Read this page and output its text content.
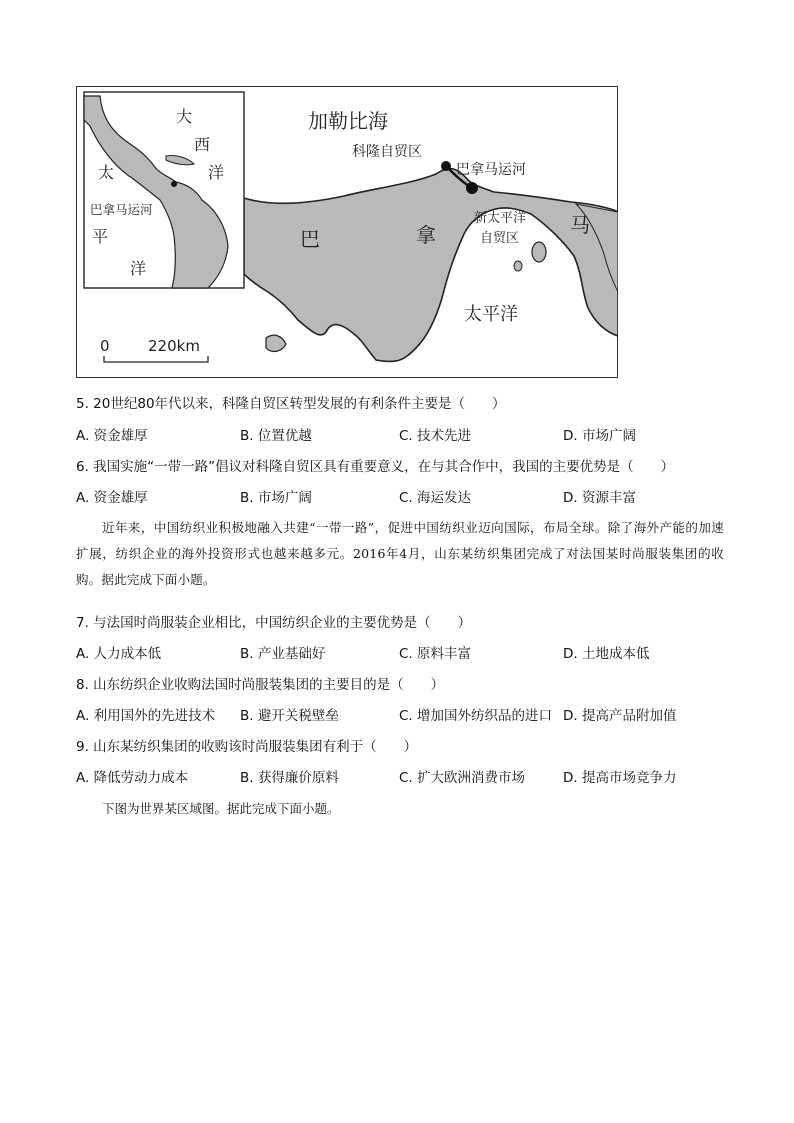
加勒比海
科隆自贸区
巴拿马运河
新太平洋
自贸区
巴	拿	马
太平洋
大
西
洋
太
平
洋
巴拿马运河
0	220km
5. 20世纪80年代以来，科隆自贸区转型发展的有利条件主要是（　　）
A. 资金雄厚	B. 位置优越	C. 技术先进	D. 市场广阔
6. 我国实施“一带一路”倡议对科隆自贸区具有重要意义，在与其合作中，我国的主要优势是（　　）
A. 资金雄厚	B. 市场广阔	C. 海运发达	D. 资源丰富
近年来，中国纺织业积极地融入共建“一带一路”，促进中国纺织业迈向国际，布局全球。除了海外产能的加速扩展，纺织企业的海外投资形式也越来越多元。2016年4月，山东某纺织集团完成了对法国某时尚服装集团的收购。据此完成下面小题。
7. 与法国时尚服装企业相比，中国纺织企业的主要优势是（　　）
A. 人力成本低	B. 产业基础好	C. 原料丰富	D. 土地成本低
8. 山东纺织企业收购法国时尚服装集团的主要目的是（　　）
A. 利用国外的先进技术 B. 避开关税壁垒	C. 增加国外纺织品的进口 D. 提高产品附加值
9. 山东某纺织集团的收购该时尚服装集团有利于（　　）
A. 降低劳动力成本	B. 获得廉价原料	C. 扩大欧洲消费市场	D. 提高市场竞争力
下图为世界某区域图。据此完成下面小题。
